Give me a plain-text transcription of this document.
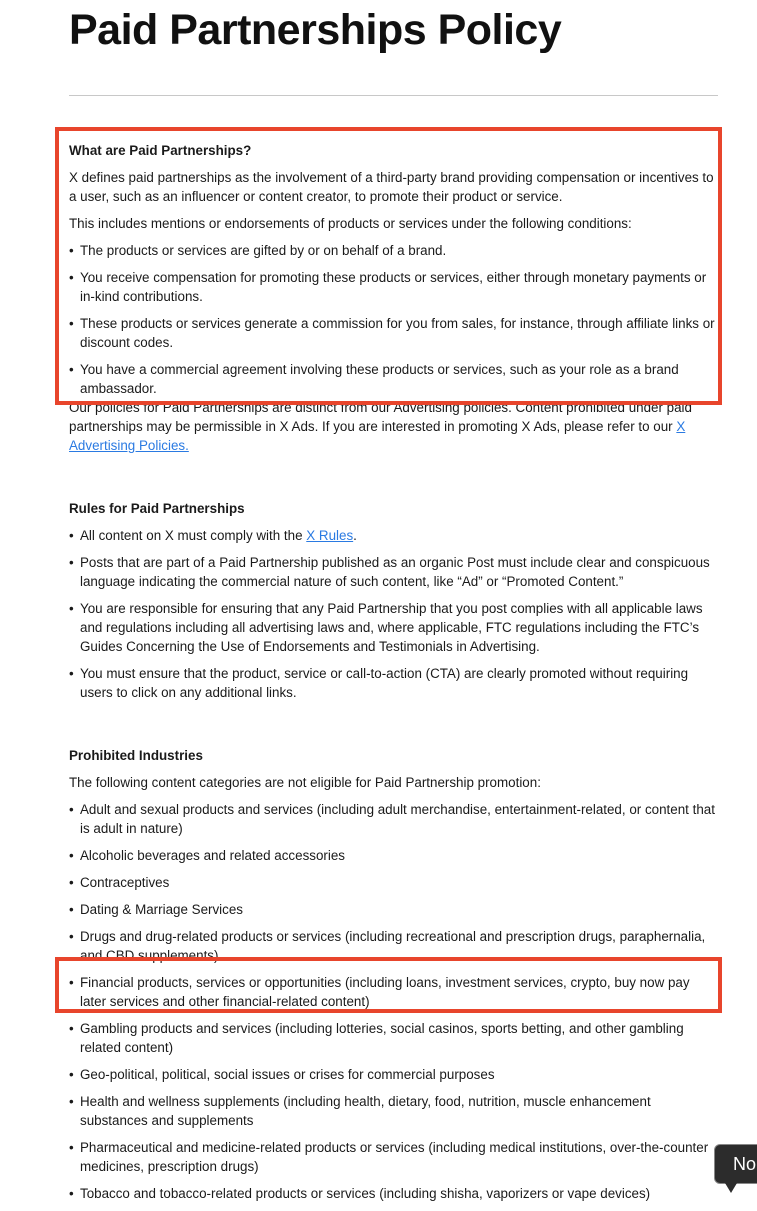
Paid Partnerships Policy
What are Paid Partnerships?

X defines paid partnerships as the involvement of a third-party brand providing compensation or incentives to a user, such as an influencer or content creator, to promote their product or service.

This includes mentions or endorsements of products or services under the following conditions:

• The products or services are gifted by or on behalf of a brand.
• You receive compensation for promoting these products or services, either through monetary payments or in-kind contributions.
• These products or services generate a commission for you from sales, for instance, through affiliate links or discount codes.
• You have a commercial agreement involving these products or services, such as your role as a brand ambassador.

Our policies for Paid Partnerships are distinct from our Advertising policies. Content prohibited under paid partnerships may be permissible in X Ads. If you are interested in promoting X Ads, please refer to our X Advertising Policies.

Rules for Paid Partnerships
• All content on X must comply with the X Rules.
• Posts that are part of a Paid Partnership published as an organic Post must include clear and conspicuous language indicating the commercial nature of such content, like “Ad” or “Promoted Content.”
• You are responsible for ensuring that any Paid Partnership that you post complies with all applicable laws and regulations including all advertising laws and, where applicable, FTC regulations including the FTC’s Guides Concerning the Use of Endorsements and Testimonials in Advertising.
• You must ensure that the product, service or call-to-action (CTA) are clearly promoted without requiring users to click on any additional links.
Prohibited Industries

The following content categories are not eligible for Paid Partnership promotion:

• Adult and sexual products and services (including adult merchandise, entertainment-related, or content that is adult in nature)
• Alcoholic beverages and related accessories
• Contraceptives
• Dating & Marriage Services
• Drugs and drug-related products or services (including recreational and prescription drugs, paraphernalia, and CBD supplements)
• Financial products, services or opportunities (including loans, investment services, crypto, buy now pay later services and other financial-related content)
• Gambling products and services (including lotteries, social casinos, sports betting, and other gambling related content)
• Geo-political, political, social issues or crises for commercial purposes
• Health and wellness supplements (including health, dietary, food, nutrition, muscle enhancement substances and supplements
• Pharmaceutical and medicine-related products or services (including medical institutions, over-the-counter medicines, prescription drugs)
• Tobacco and tobacco-related products or services (including shisha, vaporizers or vape devices)
No
